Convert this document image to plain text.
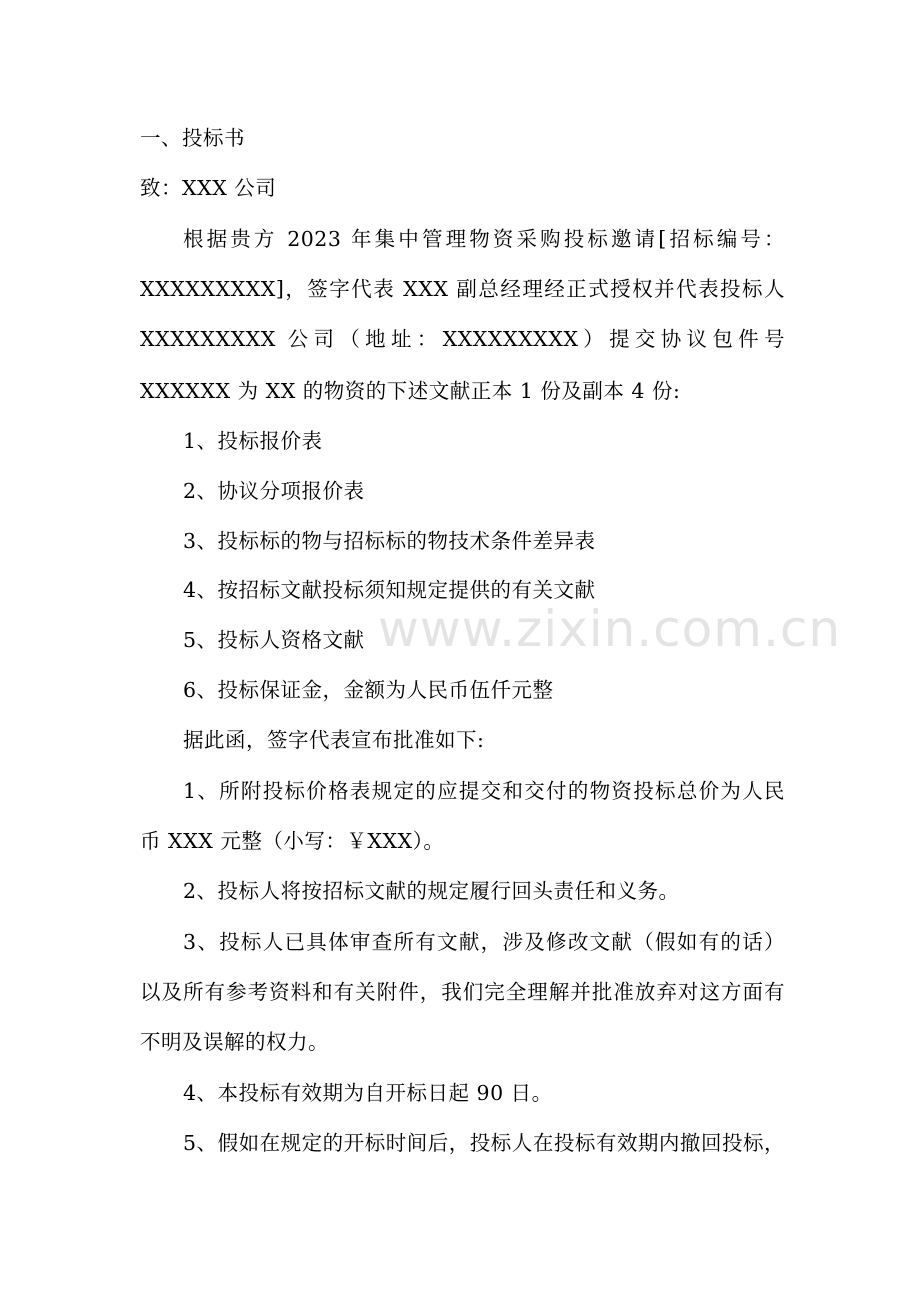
一、投标书
致：XXX 公司
根据贵方 2023 年集中管理物资采购投标邀请[招标编号：
XXXXXXXXX]，签字代表 XXX 副总经理经正式授权并代表投标人
XXXXXXXXX 公司（地址：XXXXXXXXX）提交协议包件号
XXXXXX 为 XX 的物资的下述文献正本 1 份及副本 4 份:
1、投标报价表
2、协议分项报价表
3、投标标的物与招标标的物技术条件差异表
4、按招标文献投标须知规定提供的有关文献
5、投标人资格文献
6、投标保证金，金额为人民币伍仟元整
据此函，签字代表宣布批准如下:
1、所附投标价格表规定的应提交和交付的物资投标总价为人民
币 XXX 元整（小写：￥XXX）。
2、投标人将按招标文献的规定履行回头责任和义务。
3、投标人已具体审查所有文献，涉及修改文献（假如有的话）
以及所有参考资料和有关附件，我们完全理解并批准放弃对这方面有
不明及误解的权力。
4、本投标有效期为自开标日起 90 日。
5、假如在规定的开标时间后，投标人在投标有效期内撤回投标，
www.zixin.com.cn
